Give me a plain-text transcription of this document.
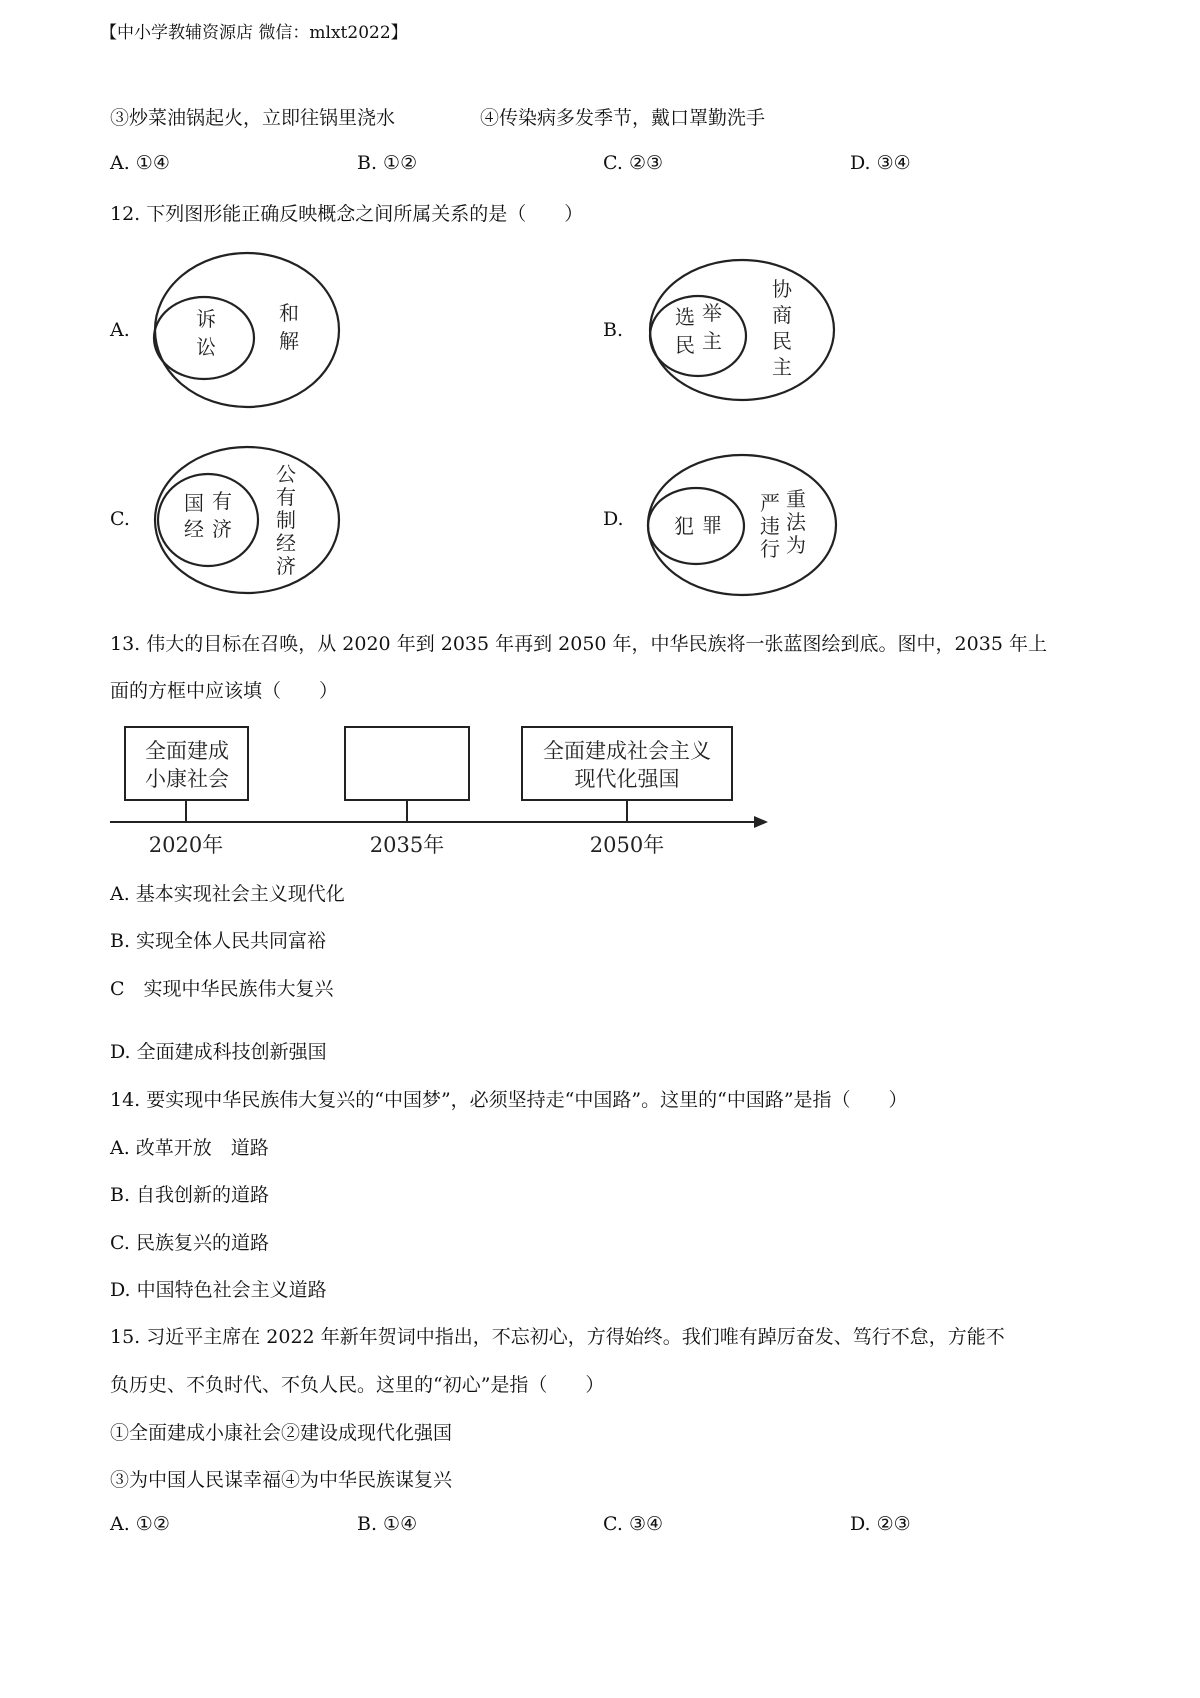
【中小学教辅资源店 微信：mlxt2022】
③炒菜油锅起火，立即往锅里浇水	④传染病多发季节，戴口罩勤洗手
A. ①④	B. ①②	C. ②③	D. ③④
12. 下列图形能正确反映概念之间所属关系的是（　　）
A.	B.
C.	D.
诉
讼
和
解
选 举
民 主
协
商
民
主
国 有
经 济
公
有
制
经
济
犯 罪
严
违
行
重
法
为
13. 伟大的目标在召唤，从 2020 年到 2035 年再到 2050 年，中华民族将一张蓝图绘到底。图中，2035 年上
面的方框中应该填（　　）
全面建成
小康社会
全面建成社会主义
现代化强国
2020年	2035年	2050年
A. 基本实现社会主义现代化
B. 实现全体人民共同富裕
C　实现中华民族伟大复兴
D. 全面建成科技创新强国
14. 要实现中华民族伟大复兴的“中国梦”，必须坚持走“中国路”。这里的“中国路”是指（　　）
A. 改革开放　道路
B. 自我创新的道路
C. 民族复兴的道路
D. 中国特色社会主义道路
15. 习近平主席在 2022 年新年贺词中指出，不忘初心，方得始终。我们唯有踔厉奋发、笃行不怠，方能不
负历史、不负时代、不负人民。这里的“初心”是指（　　）
①全面建成小康社会②建设成现代化强国
③为中国人民谋幸福④为中华民族谋复兴
A. ①②	B. ①④	C. ③④	D. ②③
